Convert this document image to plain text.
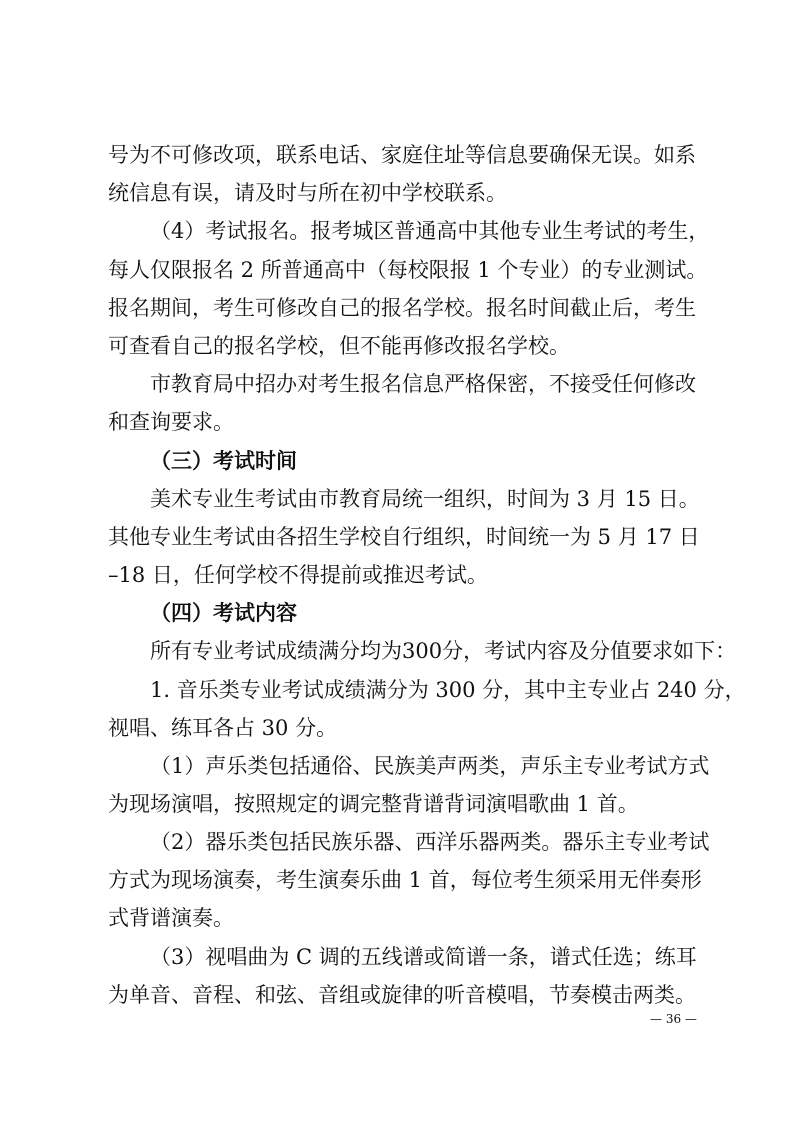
号为不可修改项，联系电话、家庭住址等信息要确保无误。如系
统信息有误，请及时与所在初中学校联系。
（4）考试报名。报考城区普通高中其他专业生考试的考生，
每人仅限报名 2 所普通高中（每校限报 1 个专业）的专业测试。
报名期间，考生可修改自己的报名学校。报名时间截止后，考生
可查看自己的报名学校，但不能再修改报名学校。
市教育局中招办对考生报名信息严格保密，不接受任何修改
和查询要求。
（三）考试时间
美术专业生考试由市教育局统一组织，时间为 3 月 15 日。
其他专业生考试由各招生学校自行组织，时间统一为 5 月 17 日
–18 日，任何学校不得提前或推迟考试。
（四）考试内容
所有专业考试成绩满分均为300分，考试内容及分值要求如下：
1. 音乐类专业考试成绩满分为 300 分，其中主专业占 240 分，
视唱、练耳各占 30 分。
（1）声乐类包括通俗、民族美声两类，声乐主专业考试方式
为现场演唱，按照规定的调完整背谱背词演唱歌曲 1 首。
（2）器乐类包括民族乐器、西洋乐器两类。器乐主专业考试
方式为现场演奏，考生演奏乐曲 1 首，每位考生须采用无伴奏形
式背谱演奏。
（3）视唱曲为 C 调的五线谱或简谱一条，谱式任选；练耳
为单音、音程、和弦、音组或旋律的听音模唱，节奏模击两类。
— 36 —
